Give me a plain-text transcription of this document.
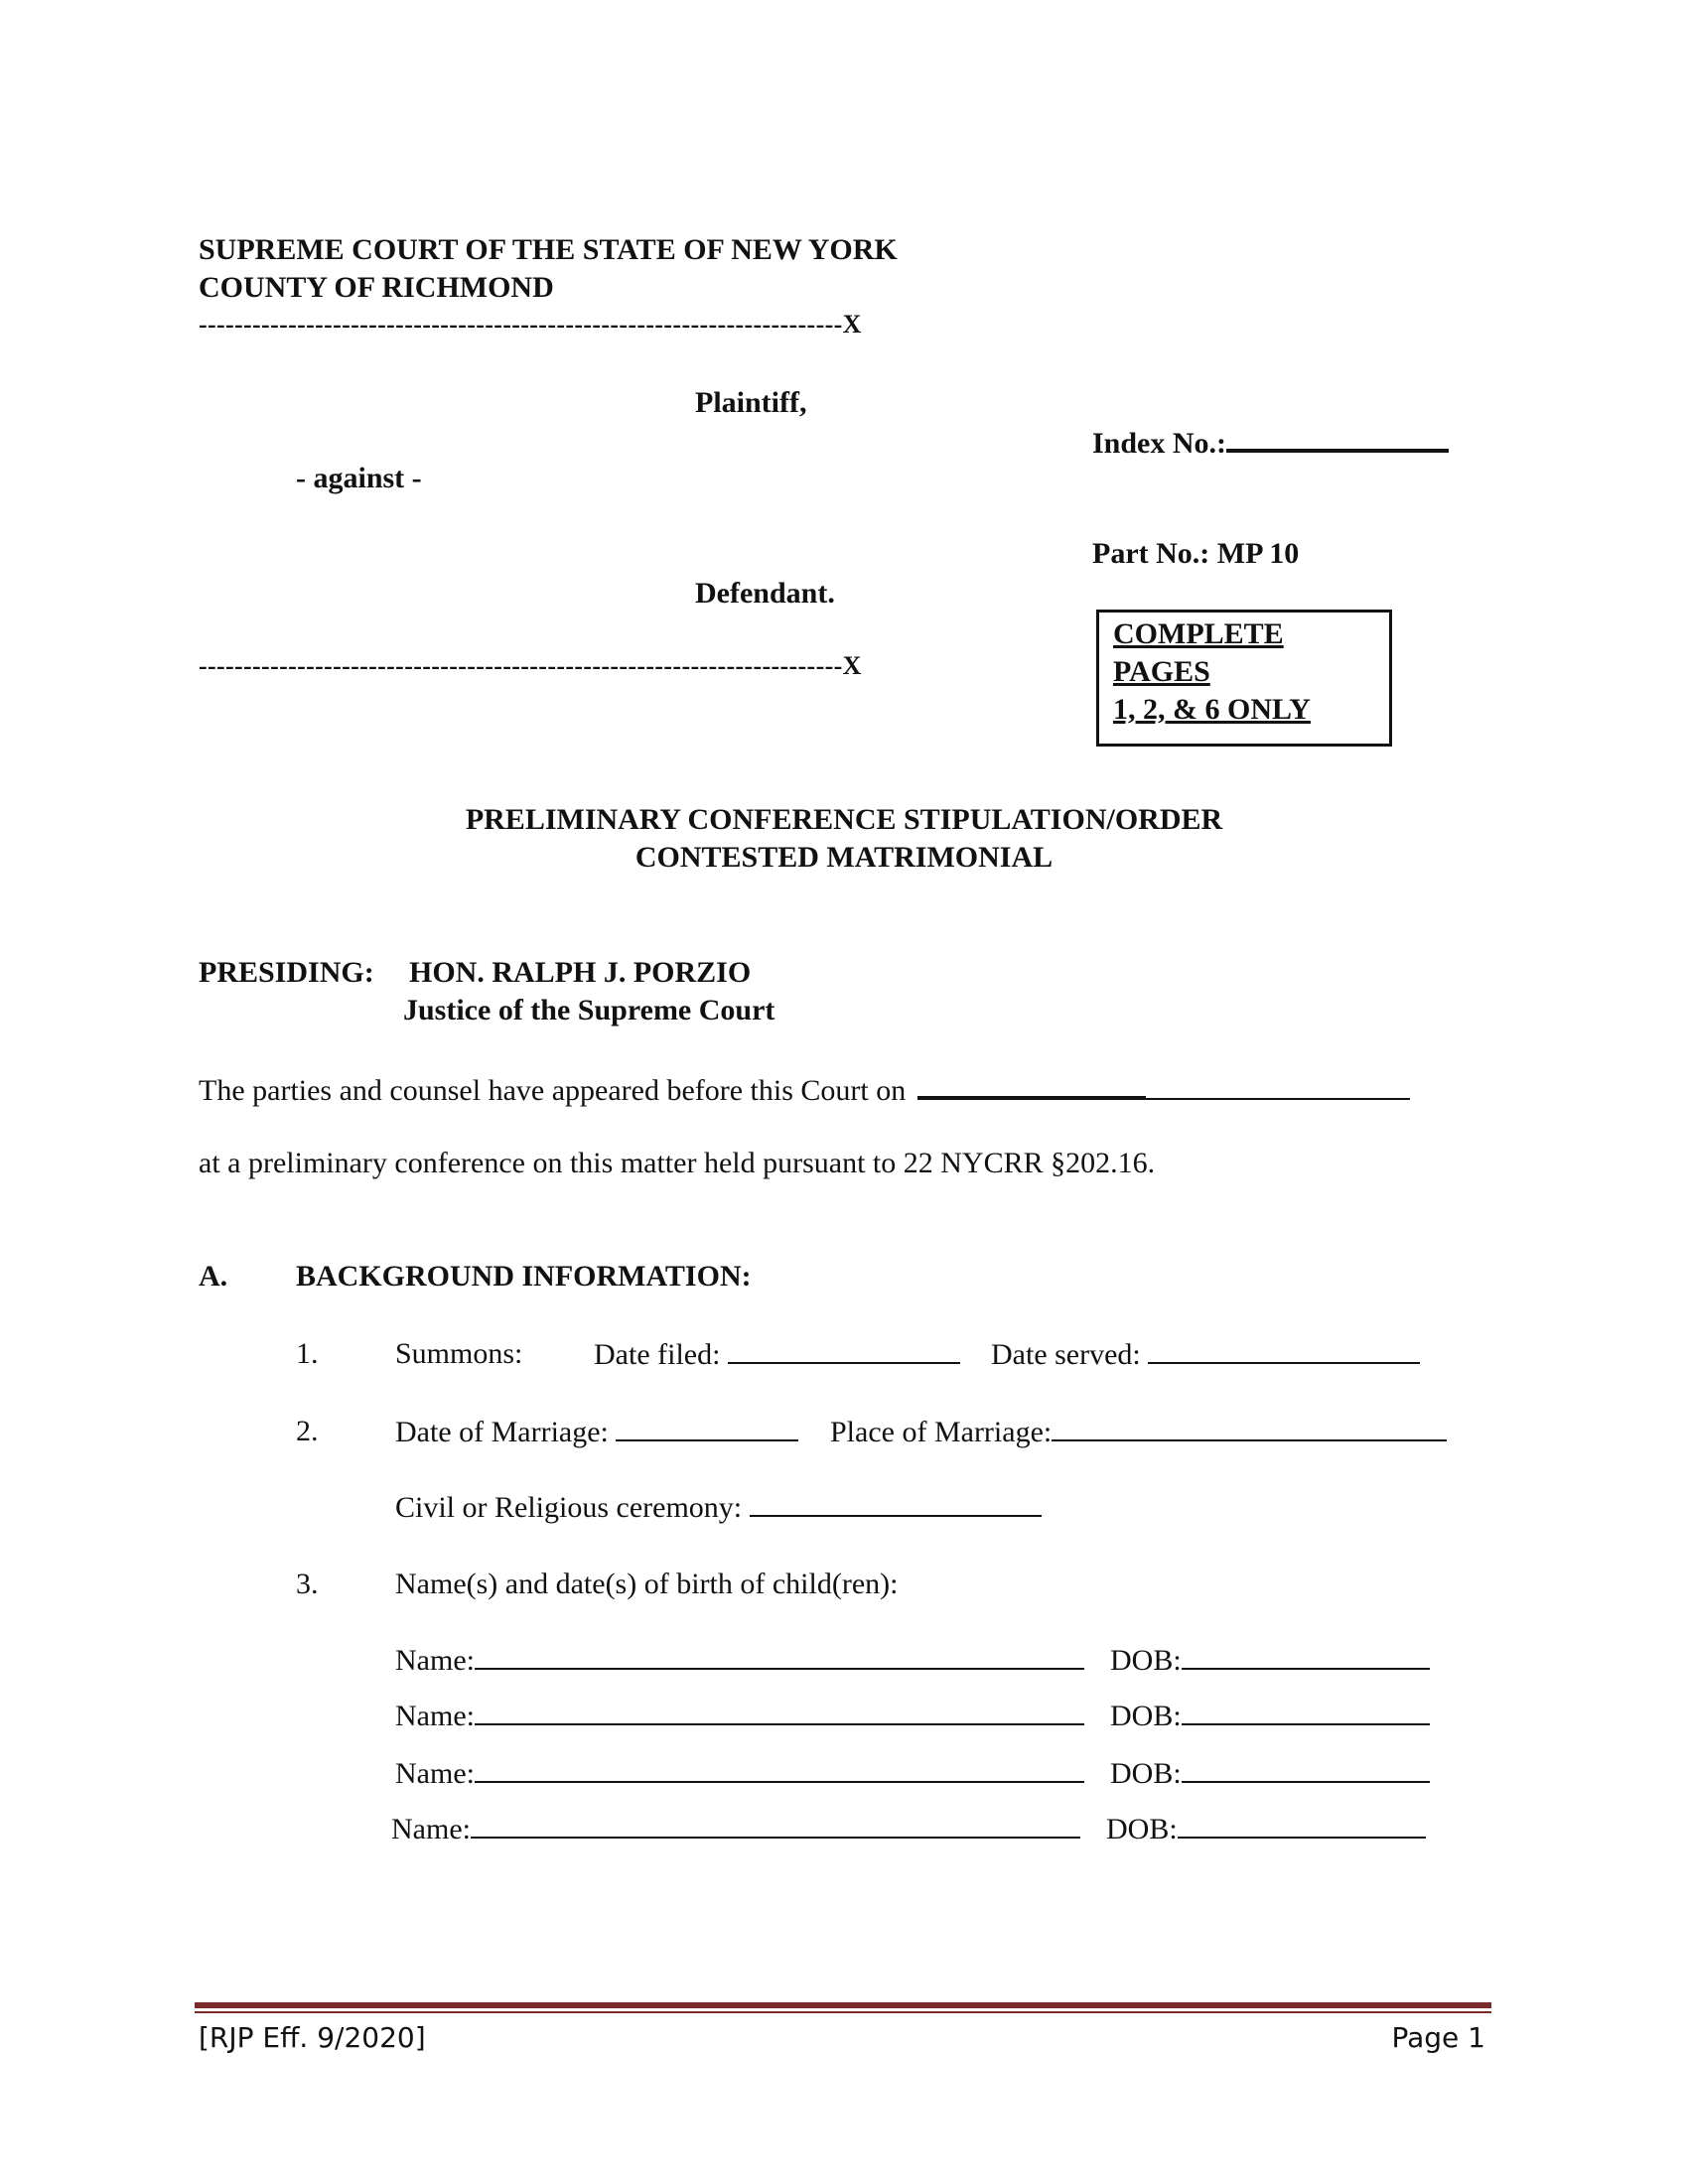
SUPREME COURT OF THE STATE OF NEW YORK
COUNTY OF RICHMOND
------------------------------------------------------------------------X
Plaintiff,
Index No.:
- against -
Part No.: MP 10
Defendant.
------------------------------------------------------------------------X
COMPLETE
PAGES
1, 2, & 6 ONLY
PRELIMINARY CONFERENCE STIPULATION/ORDER
CONTESTED MATRIMONIAL
PRESIDING: HON. RALPH J. PORZIO
Justice of the Supreme Court
The parties and counsel have appeared before this Court on
at a preliminary conference on this matter held pursuant to 22 NYCRR §202.16.
A. BACKGROUND INFORMATION:
1.	Summons: Date filed:	Date served:
2.	Date of Marriage:	Place of Marriage:
Civil or Religious ceremony:
3.	Name(s) and date(s) of birth of child(ren):
Name:	DOB:
Name:	DOB:
Name:	DOB:
Name:	DOB:
[RJP Eff. 9/2020]	Page 1
